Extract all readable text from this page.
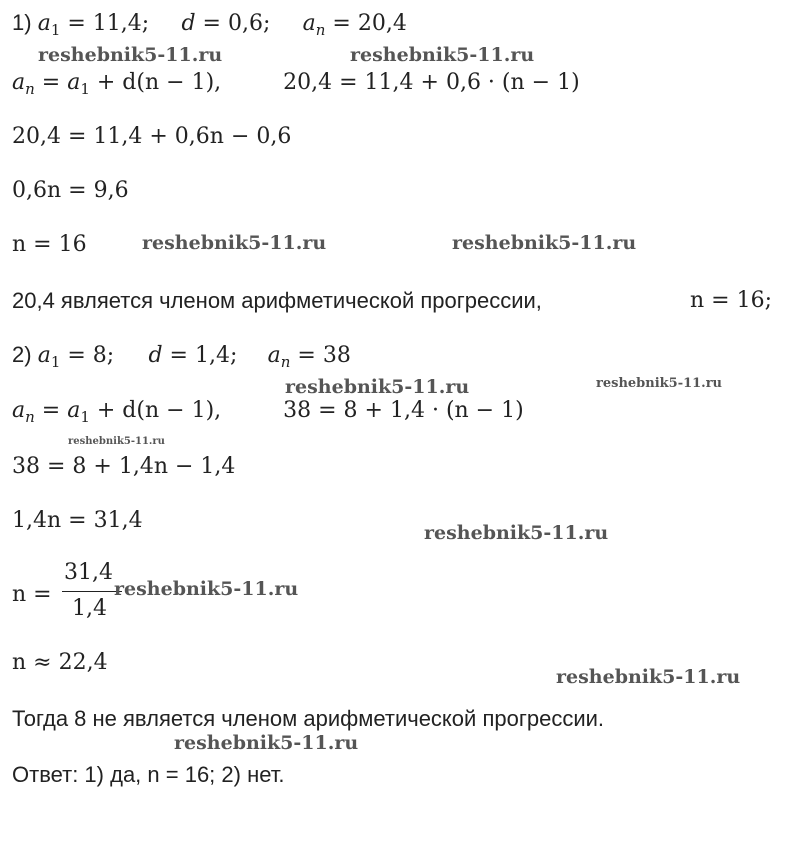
1) $a_1 = 11,4$; d = 0,6; $a_n = 20,4$
$a_n = a_1 + d(n - 1)$,	20,4 = 11,4 + 0,6 · (n − 1)
20,4 = 11,4 + 0,6n − 0,6
0,6n = 9,6
n = 16
20,4 является членом арифметической прогрессии,	n = 16;
2) $a_1 = 8$; d = 1,4; $a_n = 38$
$a_n = a_1 + d(n - 1)$,	38 = 8 + 1,4 · (n − 1)
38 = 8 + 1,4n − 1,4
1,4n = 31,4
n =
31,4
1,4
n ≈ 22,4
Тогда 8 не является членом арифметической прогрессии.
Ответ: 1) да, n = 16; 2) нет.
reshebnik5-11.ru	reshebnik5-11.ru
reshebnik5-11.ru	reshebnik5-11.ru
reshebnik5-11.ru	reshebnik5-11.ru
reshebnik5-11.ru
reshebnik5-11.ru
reshebnik5-11.ru
reshebnik5-11.ru
reshebnik5-11.ru
